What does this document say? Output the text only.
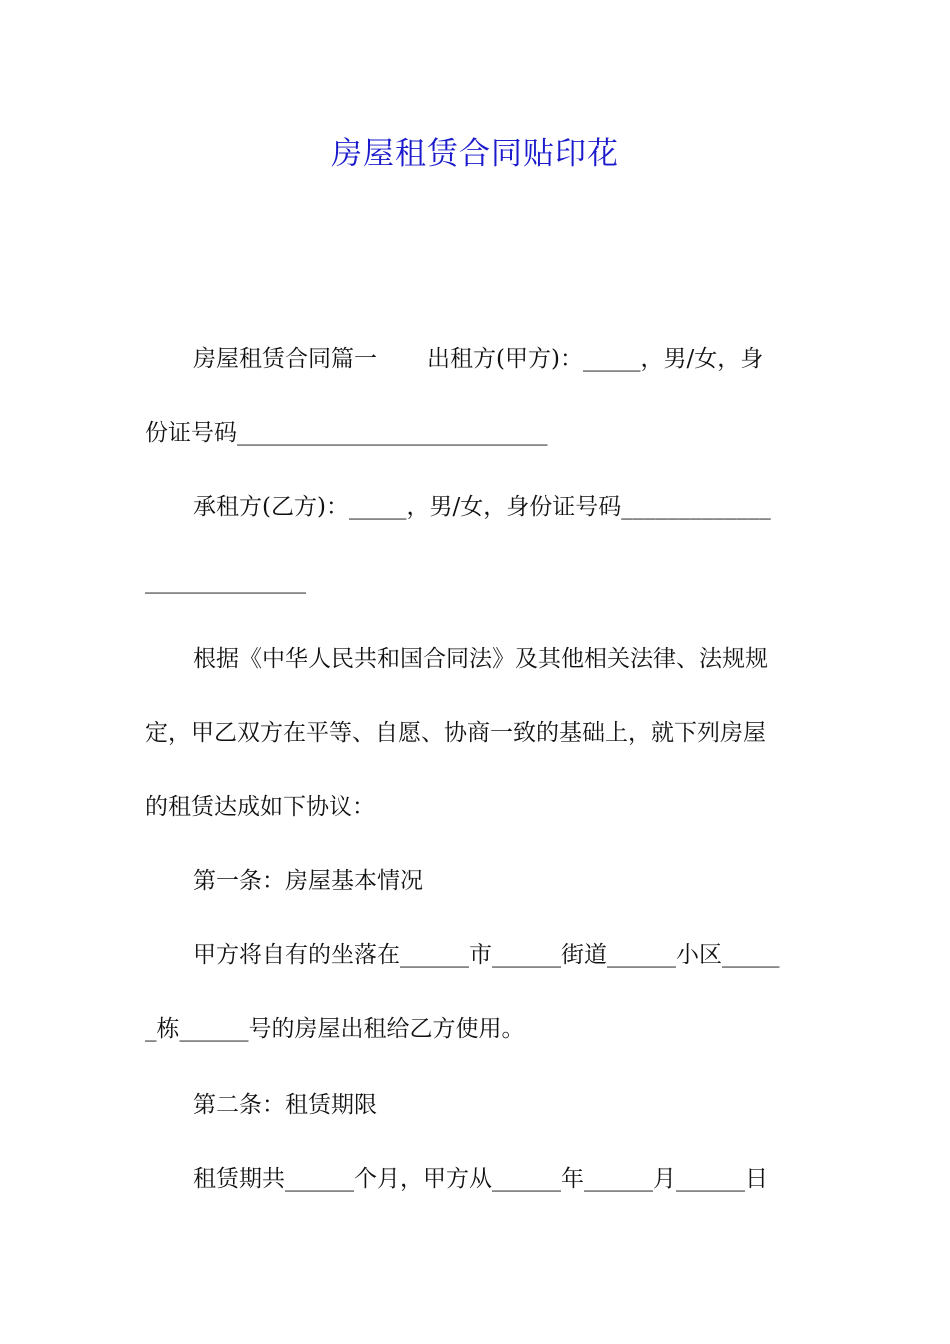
房屋租赁合同贴印花
房屋租赁合同篇一 出租方(甲方)：_____，男/女，身
份证号码___________________________
承租方(乙方)：_____，男/女，身份证号码_____________
______________
根据《中华人民共和国合同法》及其他相关法律、法规规
定，甲乙双方在平等、自愿、协商一致的基础上，就下列房屋
的租赁达成如下协议：
第一条：房屋基本情况
甲方将自有的坐落在______市______街道______小区_____
_栋______号的房屋出租给乙方使用。
第二条：租赁期限
租赁期共______个月，甲方从______年______月______日
